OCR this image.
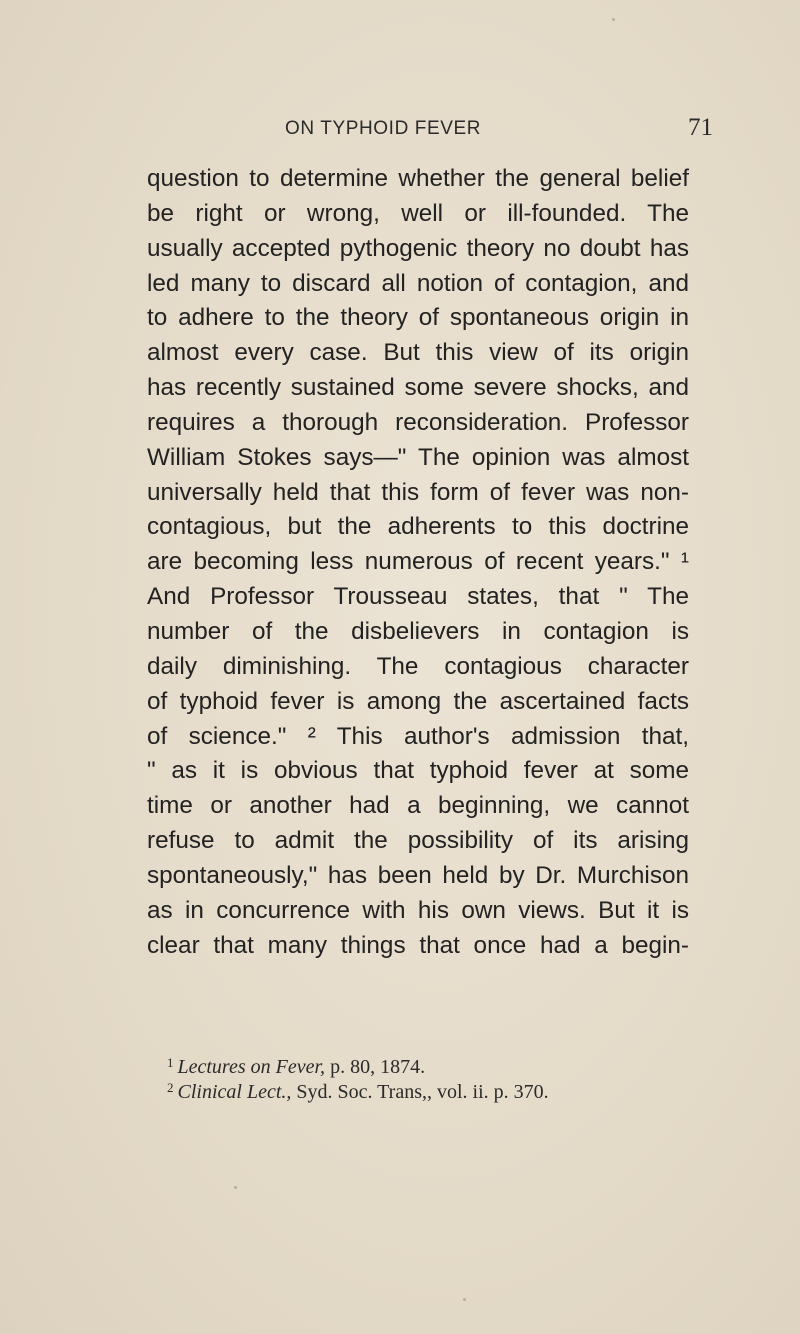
ON TYPHOID FEVER	71
question to determine whether the general belief
be right or wrong, well or ill-founded. The
usually accepted pythogenic theory no doubt has
led many to discard all notion of contagion, and
to adhere to the theory of spontaneous origin in
almost every case. But this view of its origin
has recently sustained some severe shocks, and
requires a thorough reconsideration. Professor
William Stokes says—" The opinion was almost
universally held that this form of fever was non-
contagious, but the adherents to this doctrine
are becoming less numerous of recent years." ¹
And Professor Trousseau states, that " The
number of the disbelievers in contagion is
daily diminishing. The contagious character
of typhoid fever is among the ascertained facts
of science." ² This author's admission that,
" as it is obvious that typhoid fever at some
time or another had a beginning, we cannot
refuse to admit the possibility of its arising
spontaneously," has been held by Dr. Murchison
as in concurrence with his own views. But it is
clear that many things that once had a begin-
$^1$ Lectures on Fever, p. 80, 1874.
$^2$ Clinical Lect., Syd. Soc. Trans,, vol. ii. p. 370.
